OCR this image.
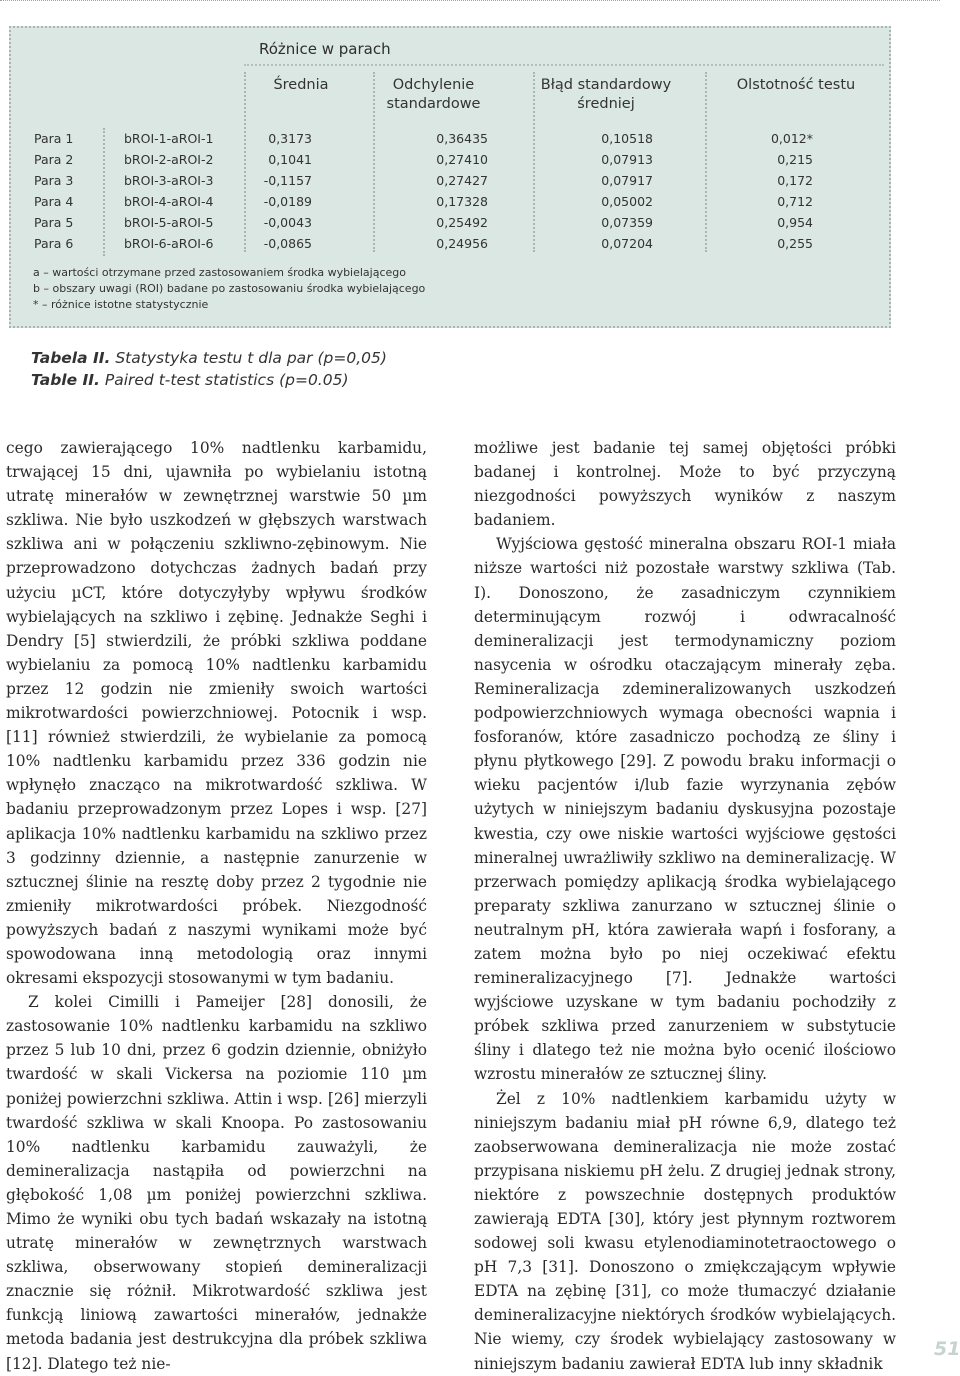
Różnice w parach
Średnia	Odchylenie standardowe
Błąd standardowy średniej
Olstotność testu
Para 1	bROI-1-aROI-1	0,3173	0,36435	0,10518	0,012*
Para 2	bROI-2-aROI-2	0,1041	0,27410	0,07913	0,215
Para 3	bROI-3-aROI-3	-0,1157	0,27427	0,07917	0,172
Para 4	bROI-4-aROI-4	-0,0189	0,17328	0,05002	0,712
Para 5	bROI-5-aROI-5	-0,0043	0,25492	0,07359	0,954
Para 6	bROI-6-aROI-6	-0,0865	0,24956	0,07204	0,255
a – wartości otrzymane przed zastosowaniem środka wybielającego
b – obszary uwagi (ROI) badane po zastosowaniu środka wybielającego
* – różnice istotne statystycznie
Tabela II. Statystyka testu t dla par (p=0,05)
Table II. Paired t-test statistics (p=0.05)

cego zawierającego 10% nadtlenku karbamidu, trwającej 15 dni, ujawniła po wybielaniu istotną utratę minerałów w zewnętrznej warstwie 50 µm szkliwa. Nie było uszkodzeń w głębszych warstwach szkliwa ani w połączeniu szkliwno-zębinowym. Nie przeprowadzono dotychczas żadnych badań przy użyciu µCT, które dotyczyłyby wpływu środków wybielających na szkliwo i zębinę. Jednakże Seghi i Dendry [5] stwierdzili, że próbki szkliwa poddane wybielaniu za pomocą 10% nadtlenku karbamidu przez 12 godzin nie zmieniły swoich wartości mikrotwardości powierzchniowej. Potocnik i wsp. [11] również stwierdzili, że wybielanie za pomocą 10% nadtlenku karbamidu przez 336 godzin nie wpłynęło znacząco na mikrotwardość szkliwa. W badaniu przeprowadzonym przez Lopes i wsp. [27] aplikacja 10% nadtlenku karbamidu na szkliwo przez 3 godzinny dziennie, a następnie zanurzenie w sztucznej ślinie na resztę doby przez 2 tygodnie nie zmieniły mikrotwardości próbek. Niezgodność powyższych badań z naszymi wynikami może być spowodowana inną metodologią oraz innymi okresami ekspozycji stosowanymi w tym badaniu.

Z kolei Cimilli i Pameijer [28] donosili, że zastosowanie 10% nadtlenku karbamidu na szkliwo przez 5 lub 10 dni, przez 6 godzin dziennie, obniżyło twardość w skali Vickersa na poziomie 110 µm poniżej powierzchni szkliwa. Attin i wsp. [26] mierzyli twardość szkliwa w skali Knoopa. Po zastosowaniu 10% nadtlenku karbamidu zauważyli, że demineralizacja nastąpiła od powierzchni na głębokość 1,08 µm poniżej powierzchni szkliwa. Mimo że wyniki obu tych badań wskazały na istotną utratę minerałów w zewnętrznych warstwach szkliwa, obserwowany stopień demineralizacji znacznie się różnił. Mikrotwardość szkliwa jest funkcją liniową zawartości minerałów, jednakże metoda badania jest destrukcyjna dla próbek szkliwa [12]. Dlatego też nie-

możliwe jest badanie tej samej objętości próbki badanej i kontrolnej. Może to być przyczyną niezgodności powyższych wyników z naszym badaniem.

Wyjściowa gęstość mineralna obszaru ROI-1 miała niższe wartości niż pozostałe warstwy szkliwa (Tab. I). Donoszono, że zasadniczym czynnikiem determinującym rozwój i odwracalność demineralizacji jest termodynamiczny poziom nasycenia w ośrodku otaczającym minerały zęba. Remineralizacja zdemineralizowanych uszkodzeń podpowierzchniowych wymaga obecności wapnia i fosforanów, które zasadniczo pochodzą ze śliny i płynu płytkowego [29]. Z powodu braku informacji o wieku pacjentów i/lub fazie wyrzynania zębów użytych w niniejszym badaniu dyskusyjna pozostaje kwestia, czy owe niskie wartości wyjściowe gęstości mineralnej uwrażliwiły szkliwo na demineralizację. W przerwach pomiędzy aplikacją środka wybielającego preparaty szkliwa zanurzano w sztucznej ślinie o neutralnym pH, która zawierała wapń i fosforany, a zatem można było po niej oczekiwać efektu remineralizacyjnego [7]. Jednakże wartości wyjściowe uzyskane w tym badaniu pochodziły z próbek szkliwa przed zanurzeniem w substytucie śliny i dlatego też nie można było ocenić ilościowo wzrostu minerałów ze sztucznej śliny.

Żel z 10% nadtlenkiem karbamidu użyty w niniejszym badaniu miał pH równe 6,9, dlatego też zaobserwowana demineralizacja nie może zostać przypisana niskiemu pH żelu. Z drugiej jednak strony, niektóre z powszechnie dostępnych produktów zawierają EDTA [30], który jest płynnym roztworem sodowej soli kwasu etylenodiaminotetraoctowego o pH 7,3 [31]. Donoszono o zmiękczającym wpływie EDTA na zębinę [31], co może tłumaczyć działanie demineralizacyjne niektórych środków wybielających. Nie wiemy, czy środek wybielający zastosowany w niniejszym badaniu zawierał EDTA lub inny składnik

51
